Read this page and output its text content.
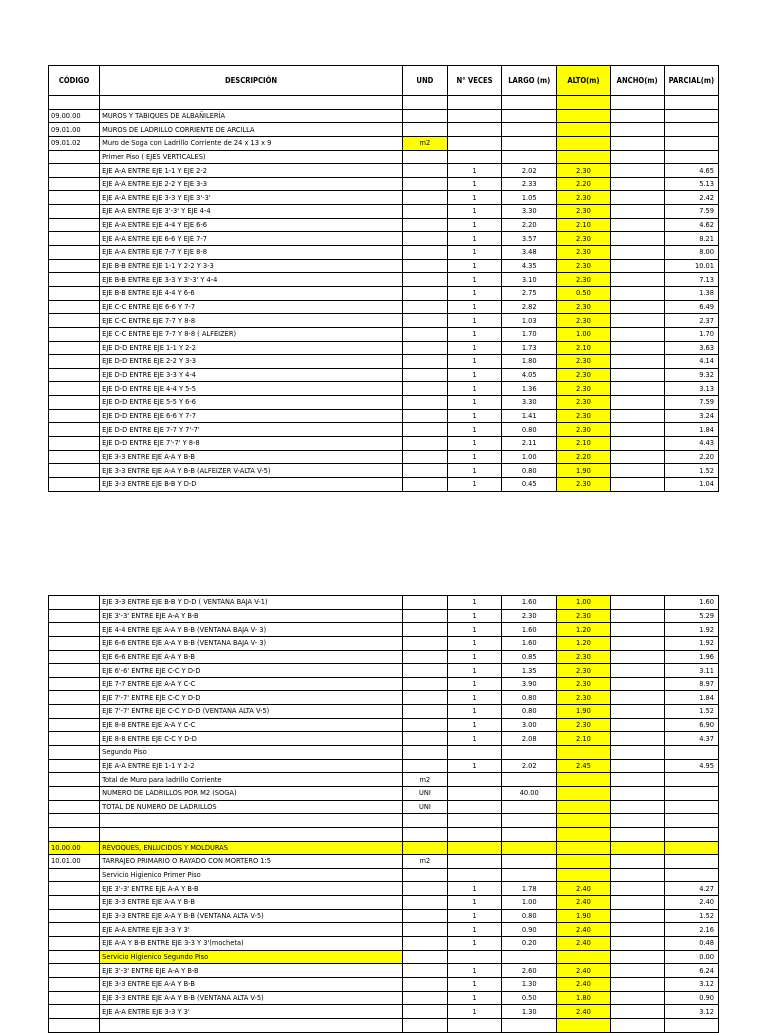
CÓDIGO	DESCRIPCIÓN	UND	N° VECES	LARGO (m)	ALTO(m)	ANCHO(m)	PARCIAL(m)

09.00.00	MUROS Y TABIQUES DE ALBAÑILERÍA						
09.01.00	MUROS DE LADRILLO CORRIENTE DE ARCILLA						
09.01.02	Muro de Soga con Ladrillo Corriente de 24 x 13 x 9	m2					
	Primer Piso ( EJES VERTICALES)						
	EJE A-A ENTRE EJE 1-1 Y EJE 2-2		1	2.02	2.30		4.65
	EJE A-A ENTRE EJE 2-2 Y EJE 3-3		1	2.33	2.20		5.13
	EJE A-A ENTRE EJE 3-3 Y EJE 3'-3'		1	1.05	2.30		2.42
	EJE A-A ENTRE EJE 3'-3' Y EJE 4-4		1	3.30	2.30		7.59
	EJE A-A ENTRE EJE 4-4 Y EJE 6-6		1	2.20	2.10		4.62
	EJE A-A ENTRE EJE 6-6 Y EJE 7-7		1	3.57	2.30		8.21
	EJE A-A ENTRE EJE 7-7 Y EJE 8-8		1	3.48	2.30		8.00
	EJE B-B ENTRE EJE 1-1 Y 2-2 Y 3-3		1	4.35	2.30		10.01
	EJE B-B ENTRE EJE 3-3 Y 3'-3' Y 4-4		1	3.10	2.30		7.13
	EJE B-B ENTRE EJE 4-4 Y 6-6		1	2.75	0.50		1.38
	EJE C-C ENTRE EJE 6-6 Y 7-7		1	2.82	2.30		6.49
	EJE C-C ENTRE EJE 7-7 Y 8-8		1	1.03	2.30		2.37
	EJE C-C ENTRE EJE 7-7 Y 8-8 ( ALFEIZER)		1	1.70	1.00		1.70
	EJE D-D ENTRE EJE 1-1 Y 2-2		1	1.73	2.10		3.63
	EJE D-D ENTRE EJE 2-2 Y 3-3		1	1.80	2.30		4.14
	EJE D-D ENTRE EJE 3-3 Y 4-4		1	4.05	2.30		9.32
	EJE D-D ENTRE EJE 4-4 Y 5-5		1	1.36	2.30		3.13
	EJE D-D ENTRE EJE 5-5 Y 6-6		1	3.30	2.30		7.59
	EJE D-D ENTRE EJE 6-6 Y 7-7		1	1.41	2.30		3.24
	EJE D-D ENTRE EJE 7-7 Y 7'-7'		1	0.80	2.30		1.84
	EJE D-D ENTRE EJE 7'-7' Y 8-8		1	2.11	2.10		4.43
	EJE 3-3 ENTRE EJE A-A Y B-B		1	1.00	2.20		2.20
	EJE 3-3 ENTRE EJE A-A Y B-B (ALFEIZER V-ALTA V-5)		1	0.80	1.90		1.52
	EJE 3-3 ENTRE EJE B-B Y D-D		1	0.45	2.30		1.04
	EJE 3-3 ENTRE EJE B-B Y D-D ( VENTANA BAJA V-1)		1	1.60	1.00		1.60
	EJE 3'-3' ENTRE EJE A-A Y B-B		1	2.30	2.30		5.29
	EJE 4-4 ENTRE EJE A-A Y B-B (VENTANA BAJA V- 3)		1	1.60	1.20		1.92
	EJE 6-6 ENTRE EJE A-A Y B-B (VENTANA BAJA V- 3)		1	1.60	1.20		1.92
	EJE 6-6 ENTRE EJE A-A Y B-B		1	0.85	2.30		1.96
	EJE 6'-6' ENTRE EJE C-C Y D-D		1	1.35	2.30		3.11
	EJE 7-7 ENTRE EJE A-A Y C-C		1	3.90	2.30		8.97
	EJE 7'-7' ENTRE EJE C-C Y D-D		1	0.80	2.30		1.84
	EJE 7'-7' ENTRE EJE C-C Y D-D (VENTANA ALTA V-5)		1	0.80	1.90		1.52
	EJE 8-8 ENTRE EJE A-A Y C-C		1	3.00	2.30		6.90
	EJE 8-8 ENTRE EJE C-C Y D-D		1	2.08	2.10		4.37
	Segundo Piso						
	EJE A-A ENTRE EJE 1-1 Y 2-2		1	2.02	2.45		4.95
	Total de Muro para ladrillo Corriente	m2					
	NUMERO DE LADRILLOS POR M2 (SOGA)	UNI		40.00			
	TOTAL DE NUMERO DE LADRILLOS	UNI					

10.00.00	REVOQUES, ENLUCIDOS Y MOLDURAS						
10.01.00	TARRAJEO PRIMARIO O RAYADO CON MORTERO 1:5	m2					
	Servicio Higienico Primer Piso						
	EJE 3'-3' ENTRE EJE A-A Y B-B		1	1.78	2.40		4.27
	EJE 3-3 ENTRE EJE A-A Y B-B		1	1.00	2.40		2.40
	EJE 3-3 ENTRE EJE A-A Y B-B (VENTANA ALTA V-5)		1	0.80	1.90		1.52
	EJE A-A ENTRE EJE 3-3 Y 3'		1	0.90	2.40		2.16
	EJE A-A Y B-B ENTRE EJE 3-3 Y 3'(mocheta)		1	0.20	2.40		0.48
	Servicio Higienico Segundo Piso						0.00
	EJE 3'-3' ENTRE EJE A-A Y B-B		1	2.60	2.40		6.24
	EJE 3-3 ENTRE EJE A-A Y B-B		1	1.30	2.40		3.12
	EJE 3-3 ENTRE EJE A-A Y B-B (VENTANA ALTA V-5)		1	0.50	1.80		0.90
	EJE A-A ENTRE EJE 3-3 Y 3'		1	1.30	2.40		3.12
